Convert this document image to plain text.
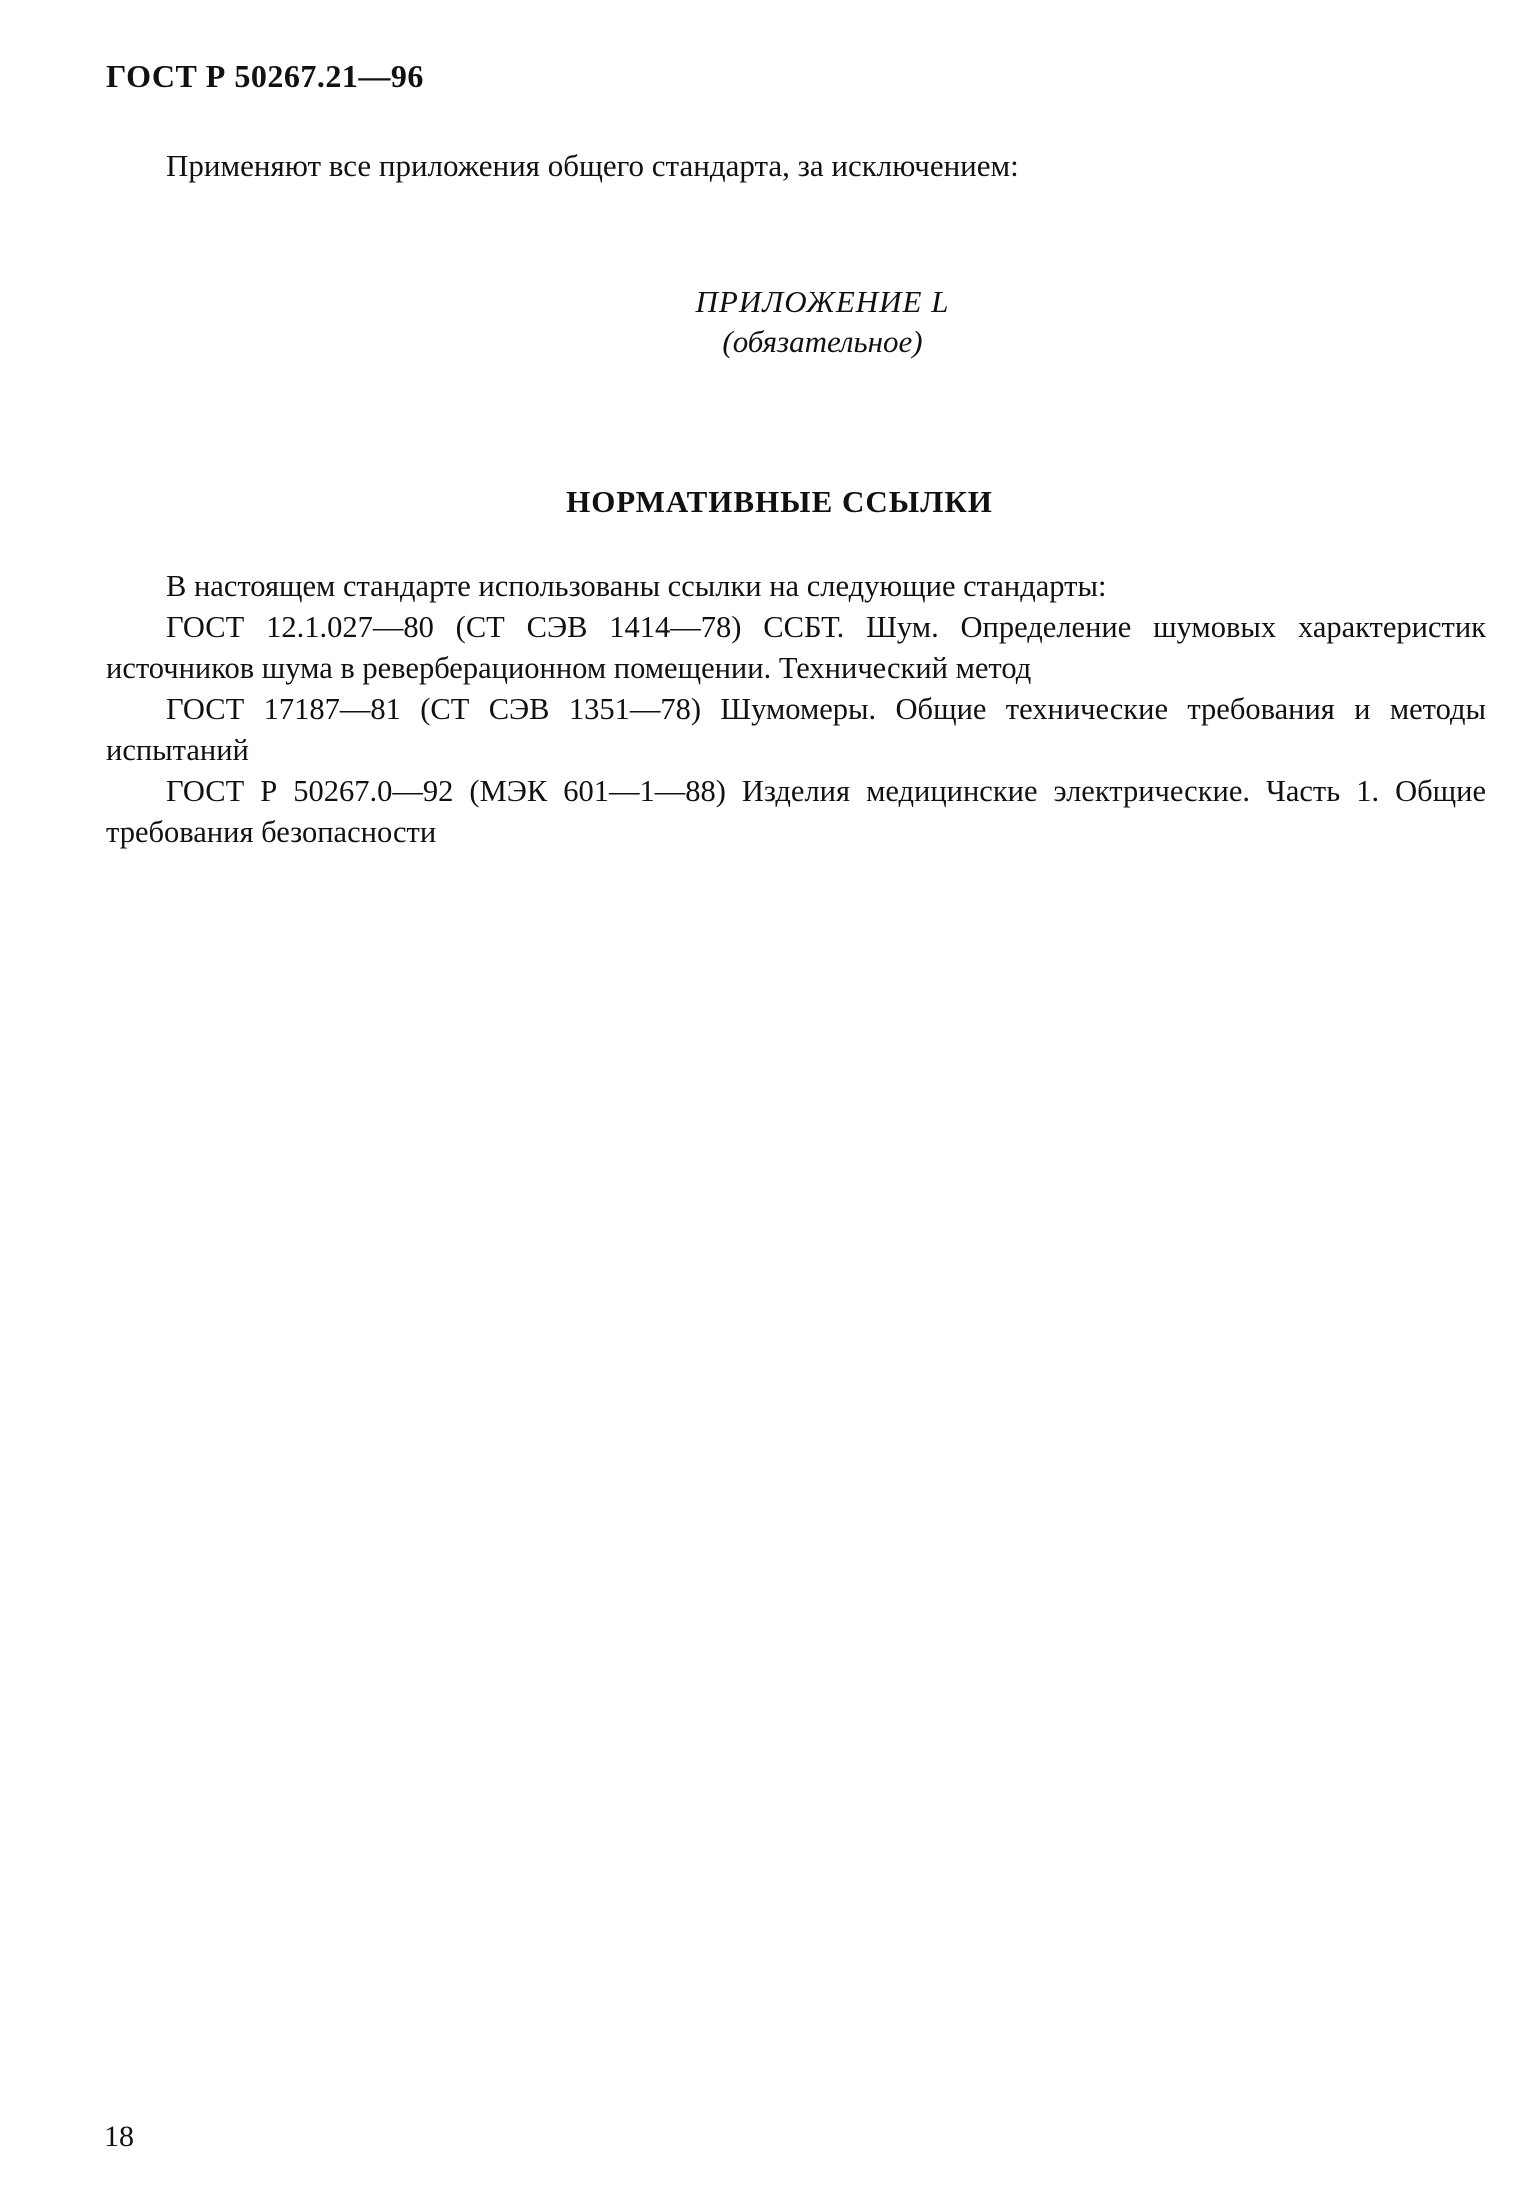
ГОСТ Р 50267.21—96
Применяют все приложения общего стандарта, за исключением:
ПРИЛОЖЕНИЕ L
(обязательное)
НОРМАТИВНЫЕ ССЫЛКИ

В настоящем стандарте использованы ссылки на следующие стандарты:

ГОСТ 12.1.027—80 (СТ СЭВ 1414—78) ССБТ. Шум. Определение шумовых характеристик источников шума в реверберационном помещении. Технический метод

ГОСТ 17187—81 (СТ СЭВ 1351—78) Шумомеры. Общие технические требования и методы испытаний

ГОСТ Р 50267.0—92 (МЭК 601—1—88) Изделия медицинские электрические. Часть 1. Общие требования безопасности

18
